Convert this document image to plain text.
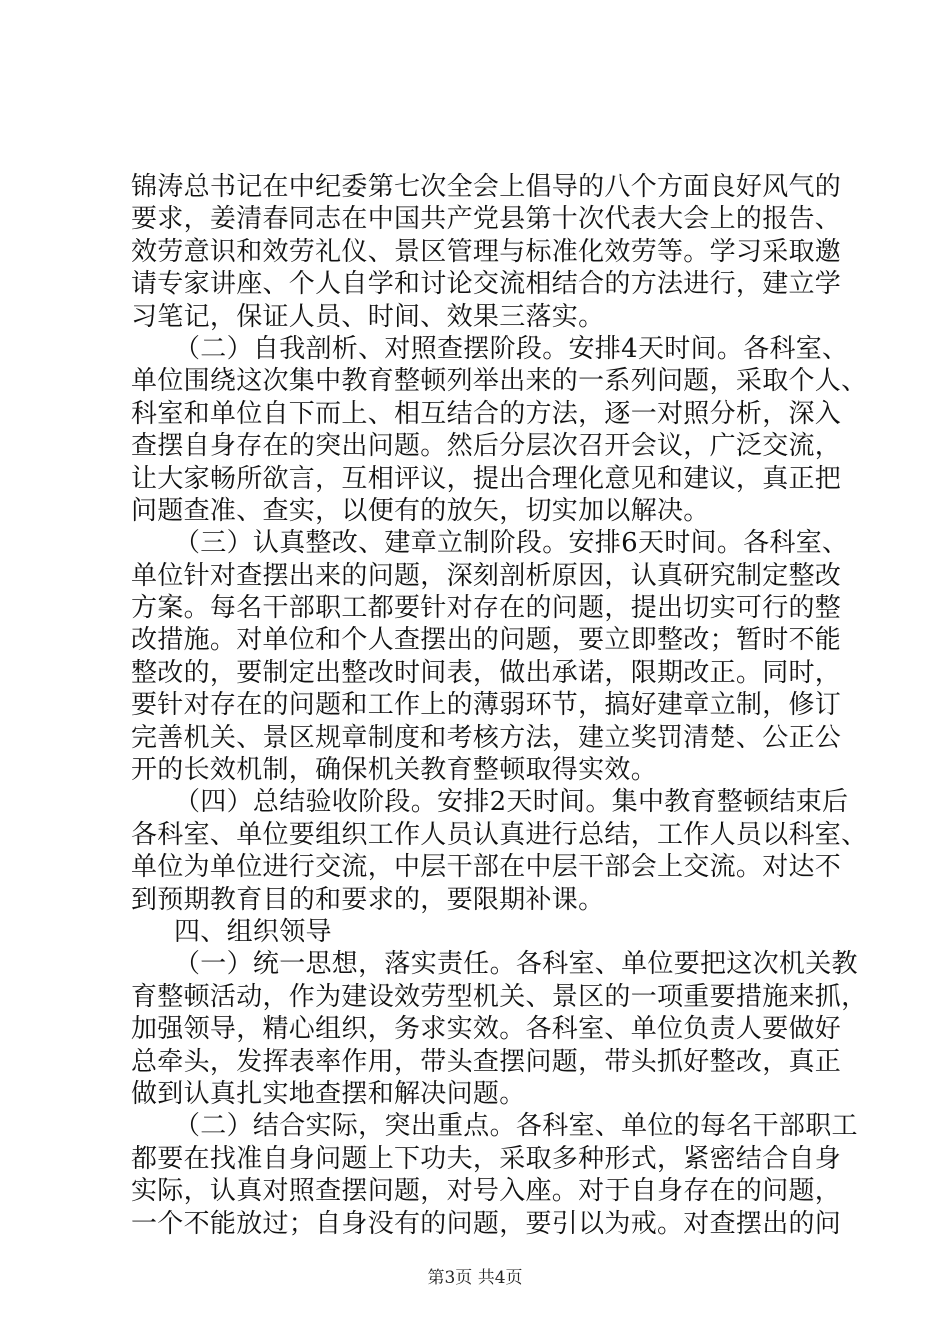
锦涛总书记在中纪委第七次全会上倡导的八个方面良好风气的
要求，姜清春同志在中国共产党县第十次代表大会上的报告、
效劳意识和效劳礼仪、景区管理与标准化效劳等。学习采取邀
请专家讲座、个人自学和讨论交流相结合的方法进行，建立学
习笔记，保证人员、时间、效果三落实。
（二）自我剖析、对照查摆阶段。安排4天时间。各科室、
单位围绕这次集中教育整顿列举出来的一系列问题，采取个人、
科室和单位自下而上、相互结合的方法，逐一对照分析，深入
查摆自身存在的突出问题。然后分层次召开会议，广泛交流，
让大家畅所欲言，互相评议，提出合理化意见和建议，真正把
问题查准、查实，以便有的放矢，切实加以解决。
（三）认真整改、建章立制阶段。安排6天时间。各科室、
单位针对查摆出来的问题，深刻剖析原因，认真研究制定整改
方案。每名干部职工都要针对存在的问题，提出切实可行的整
改措施。对单位和个人查摆出的问题，要立即整改；暂时不能
整改的，要制定出整改时间表，做出承诺，限期改正。同时，
要针对存在的问题和工作上的薄弱环节，搞好建章立制，修订
完善机关、景区规章制度和考核方法，建立奖罚清楚、公正公
开的长效机制，确保机关教育整顿取得实效。
（四）总结验收阶段。安排2天时间。集中教育整顿结束后
各科室、单位要组织工作人员认真进行总结，工作人员以科室、
单位为单位进行交流，中层干部在中层干部会上交流。对达不
到预期教育目的和要求的，要限期补课。
四、组织领导
（一）统一思想，落实责任。各科室、单位要把这次机关教
育整顿活动，作为建设效劳型机关、景区的一项重要措施来抓，
加强领导，精心组织，务求实效。各科室、单位负责人要做好
总牵头，发挥表率作用，带头查摆问题，带头抓好整改，真正
做到认真扎实地查摆和解决问题。
（二）结合实际，突出重点。各科室、单位的每名干部职工
都要在找准自身问题上下功夫，采取多种形式，紧密结合自身
实际，认真对照查摆问题，对号入座。对于自身存在的问题，
一个不能放过；自身没有的问题，要引以为戒。对查摆出的问
第3页 共4页
